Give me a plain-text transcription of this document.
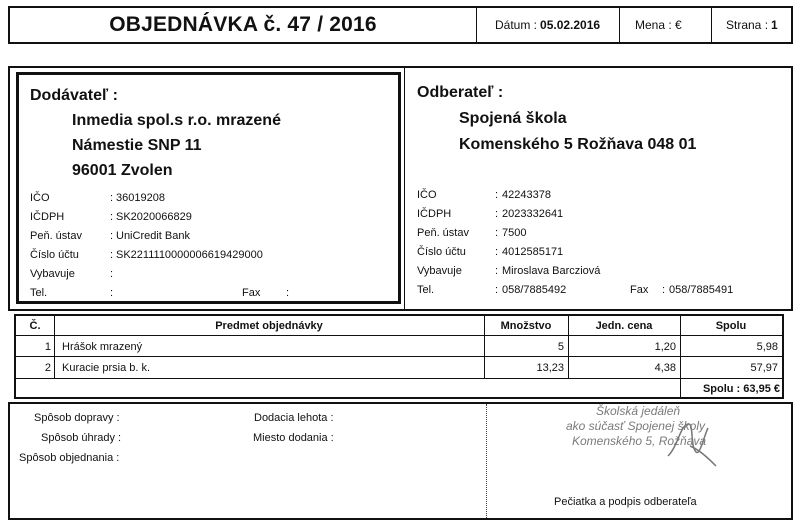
OBJEDNÁVKA č. 47 / 2016	Dátum : 05.02.2016	Mena : €	Strana : 1
Dodávateľ :
Inmedia spol.s r.o. mrazené
Námestie SNP 11
96001 Zvolen
IČO	: 36019208
IČDPH	: SK2020066829
Peň. ústav	: UniCredit Bank
Číslo účtu	: SK2211110000006619429000
Vybavuje	:
Tel.	:	Fax :
Odberateľ :
Spojená škola
Komenského 5 Rožňava 048 01
IČO	: 42243378
IČDPH	: 2023332641
Peň. ústav : 7500
Číslo účtu	: 4012585171
Vybavuje	: Miroslava Barcziová
Tel.	: 058/7885492	Fax : 058/7885491
Č.	Predmet objednávky	Množstvo	Jedn. cena	Spolu
1 Hrášok mrazený	5	1,20	5,98
2 Kuracie prsia b. k.	13,23	4,38	57,97
Spolu :
63,95 €
Spôsob dopravy :
Spôsob úhrady :
Spôsob objednania :
Dodacia lehota :
Miesto dodania :
Školská jedáleň
ako súčasť Spojenej školy
Komenského 5, Rožňava
Pečiatka a podpis odberateľa
